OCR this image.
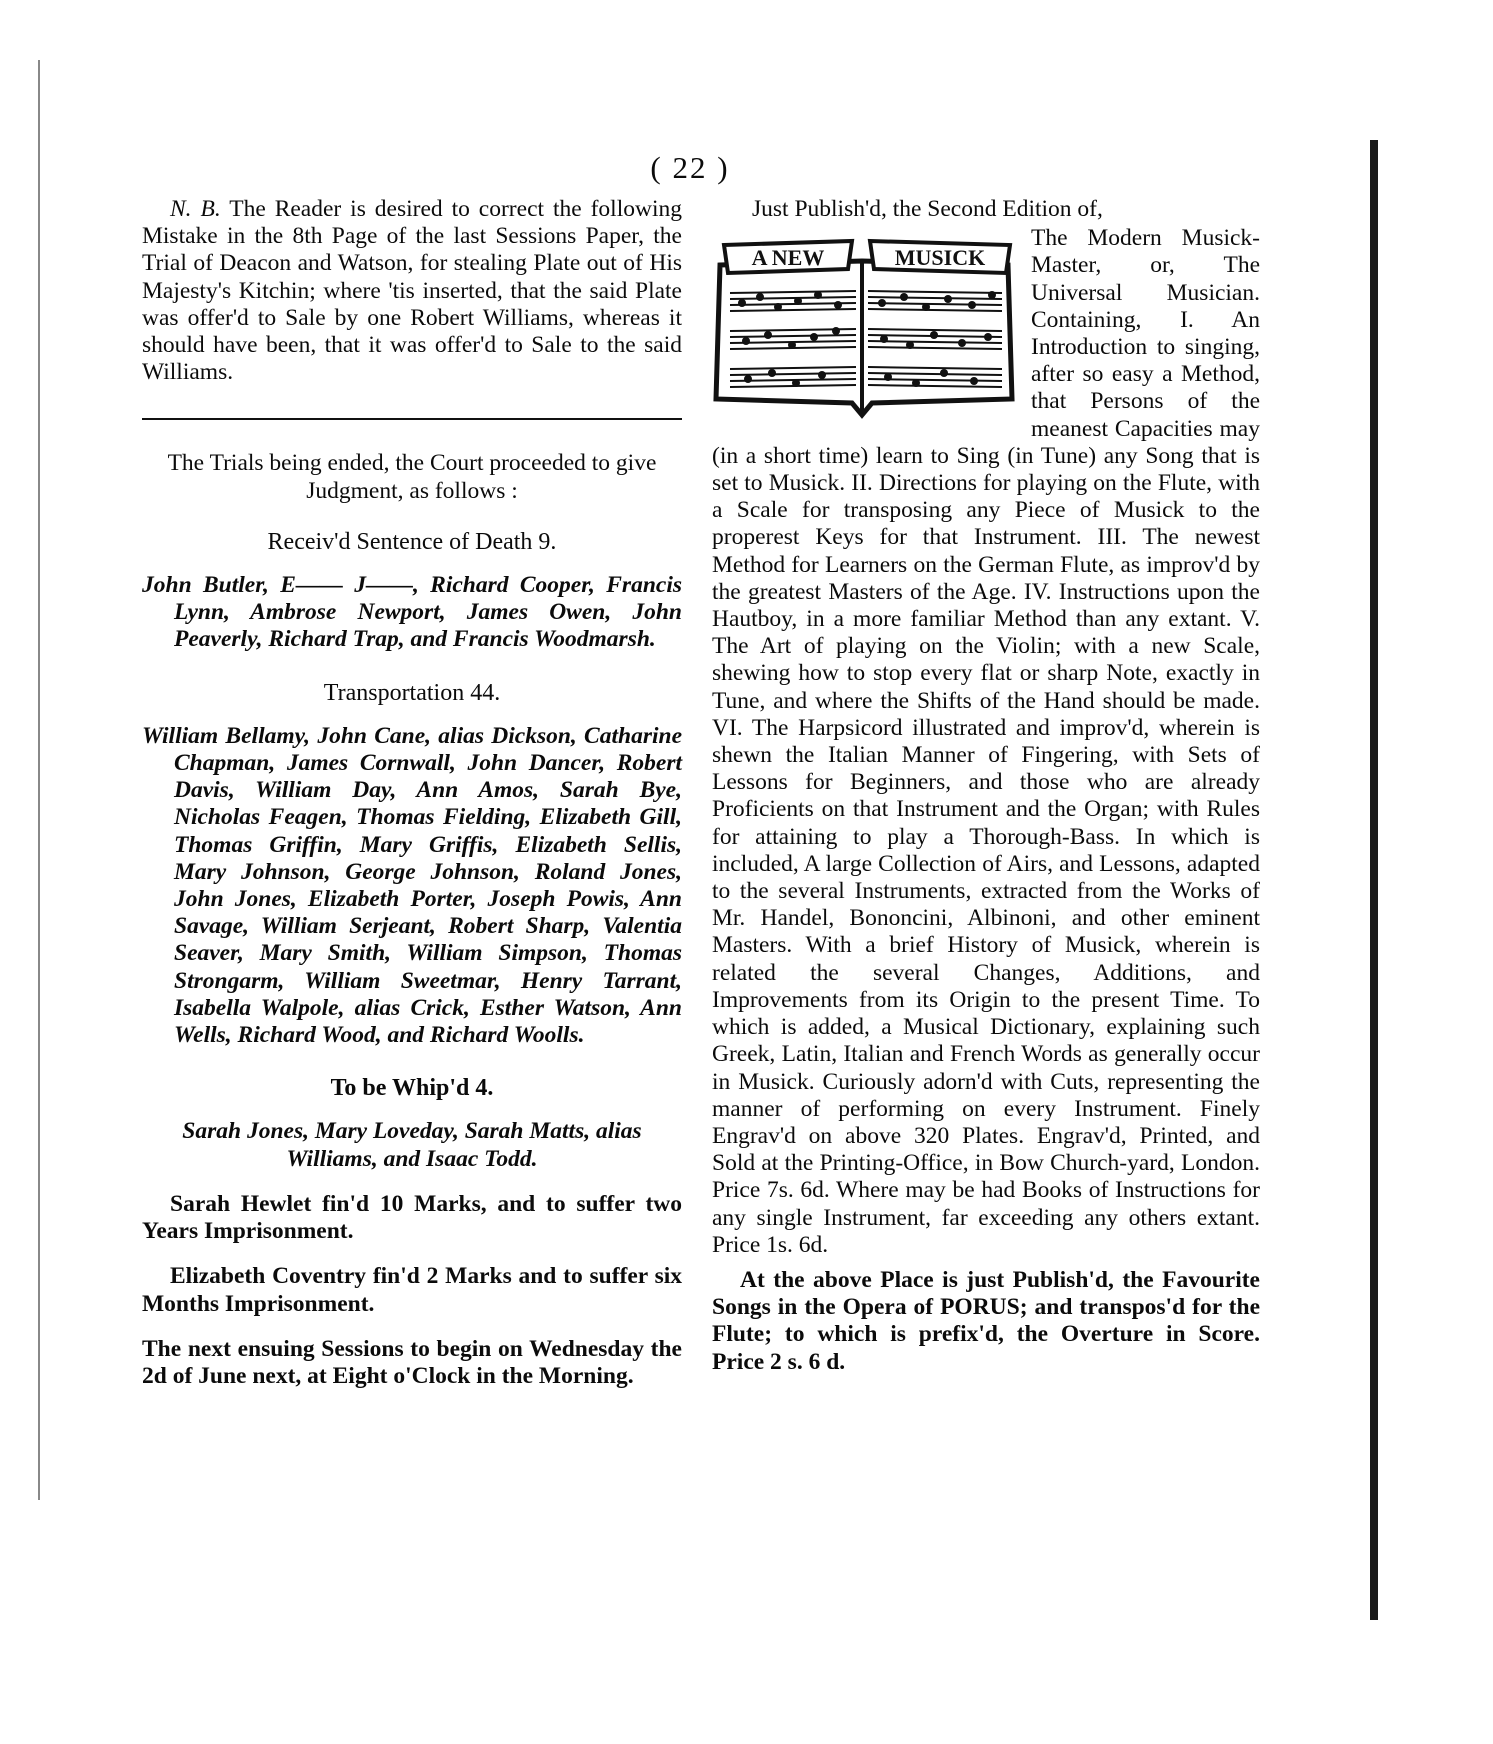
( 22 )

N. B. The Reader is desired to correct the following Mistake in the 8th Page of the last Sessions Paper, the Trial of Deacon and Watson, for stealing Plate out of His Majesty's Kitchin; where 'tis inserted, that the said Plate was offer'd to Sale by one Robert Williams, whereas it should have been, that it was offer'd to Sale to the said Williams.

The Trials being ended, the Court proceeded to give Judgment, as follows :

Receiv'd Sentence of Death 9.

John Butler, E—— J——, Richard Cooper, Francis Lynn, Ambrose Newport, James Owen, John Peaverly, Richard Trap, and Francis Woodmarsh.

Transportation 44.

William Bellamy, John Cane, alias Dickson, Catharine Chapman, James Cornwall, John Dancer, Robert Davis, William Day, Ann Amos, Sarah Bye, Nicholas Feagen, Thomas Fielding, Elizabeth Gill, Thomas Griffin, Mary Griffis, Elizabeth Sellis, Mary Johnson, George Johnson, Roland Jones, John Jones, Elizabeth Porter, Joseph Powis, Ann Savage, William Serjeant, Robert Sharp, Valentia Seaver, Mary Smith, William Simpson, Thomas Strongarm, William Sweetmar, Henry Tarrant, Isabella Walpole, alias Crick, Esther Watson, Ann Wells, Richard Wood, and Richard Woolls.

To be Whip'd 4.

Sarah Jones, Mary Loveday, Sarah Matts, alias Williams, and Isaac Todd.

Sarah Hewlet fin'd 10 Marks, and to suffer two Years Imprisonment.

Elizabeth Coventry fin'd 2 Marks and to suffer six Months Imprisonment.

The next ensuing Sessions to begin on Wednesday the 2d of June next, at Eight o'Clock in the Morning.

Just Publish'd, the Second Edition of,

A NEW	MUSICK

The Modern Musick-Master, or, The Universal Musician. Containing, I. An Introduction to singing, after so easy a Method, that Persons of the meanest Capacities may (in a short time) learn to Sing (in Tune) any Song that is set to Musick. II. Directions for playing on the Flute, with a Scale for transposing any Piece of Musick to the properest Keys for that Instrument. III. The newest Method for Learners on the German Flute, as improv'd by the greatest Masters of the Age. IV. Instructions upon the Hautboy, in a more familiar Method than any extant. V. The Art of playing on the Violin; with a new Scale, shewing how to stop every flat or sharp Note, exactly in Tune, and where the Shifts of the Hand should be made. VI. The Harpsicord illustrated and improv'd, wherein is shewn the Italian Manner of Fingering, with Sets of Lessons for Beginners, and those who are already Proficients on that Instrument and the Organ; with Rules for attaining to play a Thorough-Bass. In which is included, A large Collection of Airs, and Lessons, adapted to the several Instruments, extracted from the Works of Mr. Handel, Bononcini, Albinoni, and other eminent Masters. With a brief History of Musick, wherein is related the several Changes, Additions, and Improvements from its Origin to the present Time. To which is added, a Musical Dictionary, explaining such Greek, Latin, Italian and French Words as generally occur in Musick. Curiously adorn'd with Cuts, representing the manner of performing on every Instrument. Finely Engrav'd on above 320 Plates. Engrav'd, Printed, and Sold at the Printing-Office, in Bow Church-yard, London. Price 7s. 6d. Where may be had Books of Instructions for any single Instrument, far exceeding any others extant. Price 1s. 6d.

At the above Place is just Publish'd, the Favourite Songs in the Opera of PORUS; and transpos'd for the Flute; to which is prefix'd, the Overture in Score. Price 2 s. 6 d.
